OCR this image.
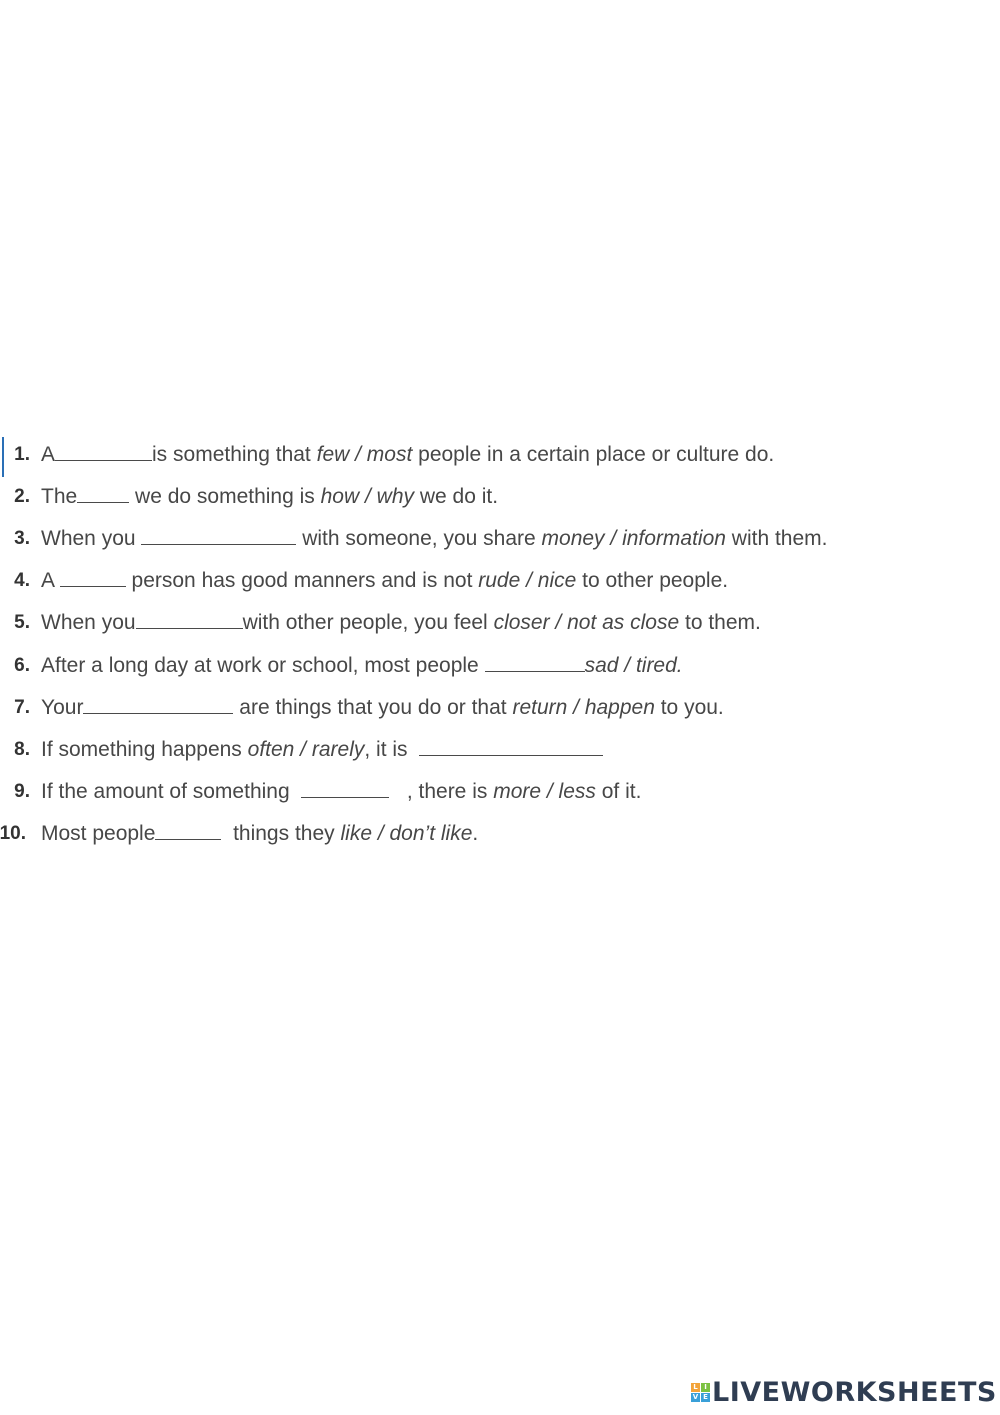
1. A	is something that few / most people in a certain place or culture do.
2. The we do something is how / why we do it.
3. When you	with someone, you share money / information with them.
4. A	person has good manners and is not rude / nice to other people.
5. When you	with other people, you feel closer / not as close to them.
6. After a long day at work or school, most people	sad / tired.
7. Your	are things that you do or that return / happen to you.
8. If something happens often / rarely, it is
9. If the amount of something	, there is more / less of it.
10. Most people	things they like / don’t like.
L I
V E LIVEWORKSHEETS
